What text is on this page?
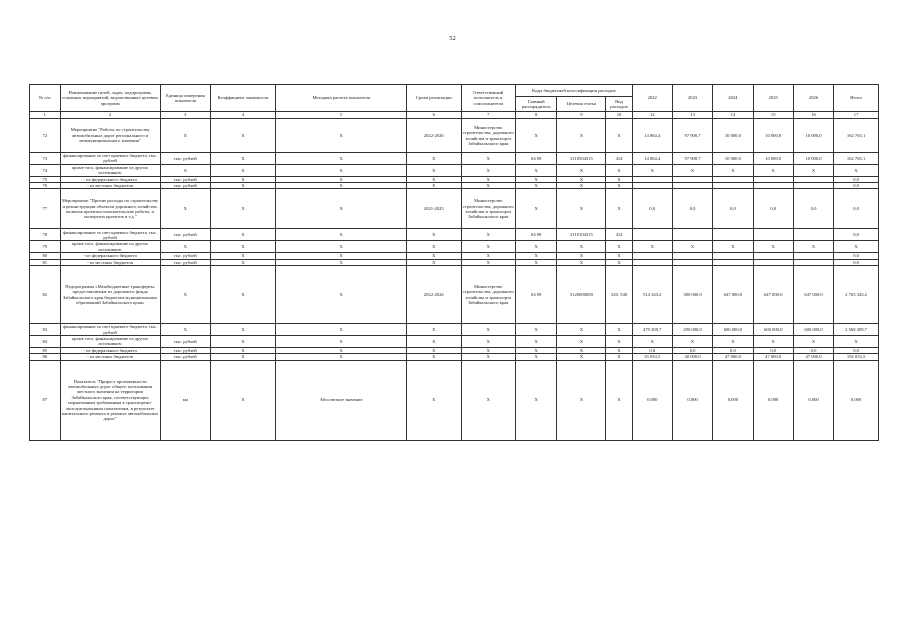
52
№ п/п	Наименование целей, задач, подпрограмм, основных мероприятий, ведомственных целевых программ	Единица измерения показателя	Коэффициент значимости	Методика расчета показателя	Сроки реализации	Ответственный исполнитель и соисполнители	Коды бюджетной классификации расходов			2022	2023	2024	2025	2026	Итого
							Главный распорядитель	Целевая статья	Вид расходов						
1	2	3	4	5	6	7	8	9	10	12	13	14	15	16	17
72	Мероприятие "Работы по строительству автомобильных дорог регионального и межмуниципального значения"	X	X	X	2022-2026	Министерство строительства, дорожного хозяйства и транспорта Забайкальского края	X	X	X	14 864,4	97 900,7	10 000,0	10 000,0	10 000,0	162 765,1
73	финансирование за счет краевого бюджета, тыс. рублей	тыс. рублей	X	X	X	X	04 09	3110504315	414	14 864,4	97 900,7	10 000,0	10 000,0	10 000,0	162 765,1
74	кроме того, финансирование из других источников:	X	X	X	X	X	X	X	X	X	X	X	X	X	X
75	- из федерального бюджета	тыс. рублей	X	X	X	X	X	X	X						0,0
76	- из местных бюджетов	тыс. рублей	X	X	X	X	X	X	X						0,0
77	Мероприятие "Прочие расходы по строительству и реконструкции объектов дорожного хозяйства, включая проектно-изыскательские работы, и экспертиза проектов и т.д."	X	X	X	2021-2025	Министерство строительства, дорожного хозяйства и транспорта Забайкальского края	X	X	X	0,0	0,0	0,0	0,0	0,0	0,0
78	финансирование за счет краевого бюджета, тыс. рублей	тыс. рублей	X	X	X	X	04 09	3110104315	414						0,0
79	кроме того, финансирование из других источников:	X	X	X	X	X	X	X	X	X	X	X	X	X	X
80	- из федерального бюджета	тыс. рублей	X	X	X	X	X	X	X						0,0
81	- из местных бюджетов	тыс. рублей	X	X	X	X	X	X	X						0,0
82	Подпрограмма «Межбюджетные трансферты, предоставляемые из дорожного фонда Забайкальского края бюджетам муниципальных образований Забайкальского края»	X	X	X	2022-2026	Министерство строительства, дорожного хозяйства и транспорта Забайкальского края	04 09	3120000000	520, 540	514 343,2	380 000,0	647 000,0	647 000,0	647 000,0	2 763 343,2
83	финансирование за счет краевого бюджета, тыс. рублей	X	X	X	X	X	X	X	X	479 309,7	290 000,0	600 000,0	600 000,0	600 000,0	2 569 309,7
84	кроме того, финансирование из других источников:	тыс. рублей	X	X	X	X	X	X	X	X	X	X	X	X	X
85	- из федерального бюджета	тыс. рублей	X	X	X	X	X	X	X	0,0	0,0	0,0	0,0	0,0	0,0
86	- из местных бюджетов	тыс. рублей	X	X	X	X	X	X	X	35 033,5	40 000,0	47 000,0	47 000,0	47 000,0	192 033,5
87	Показатель "Прирост протяженности автомобильных дорог общего пользования местного значения на территории Забайкальского края, соответствующих нормативным требованиям к транспортно-эксплуатационным показателям, в результате капитального ремонта и ремонта автомобильных дорог"	км	X	Абсолютное значение	X	X	X	X	X	0,000	0,000	0,000	0,000	0,000	0,000
